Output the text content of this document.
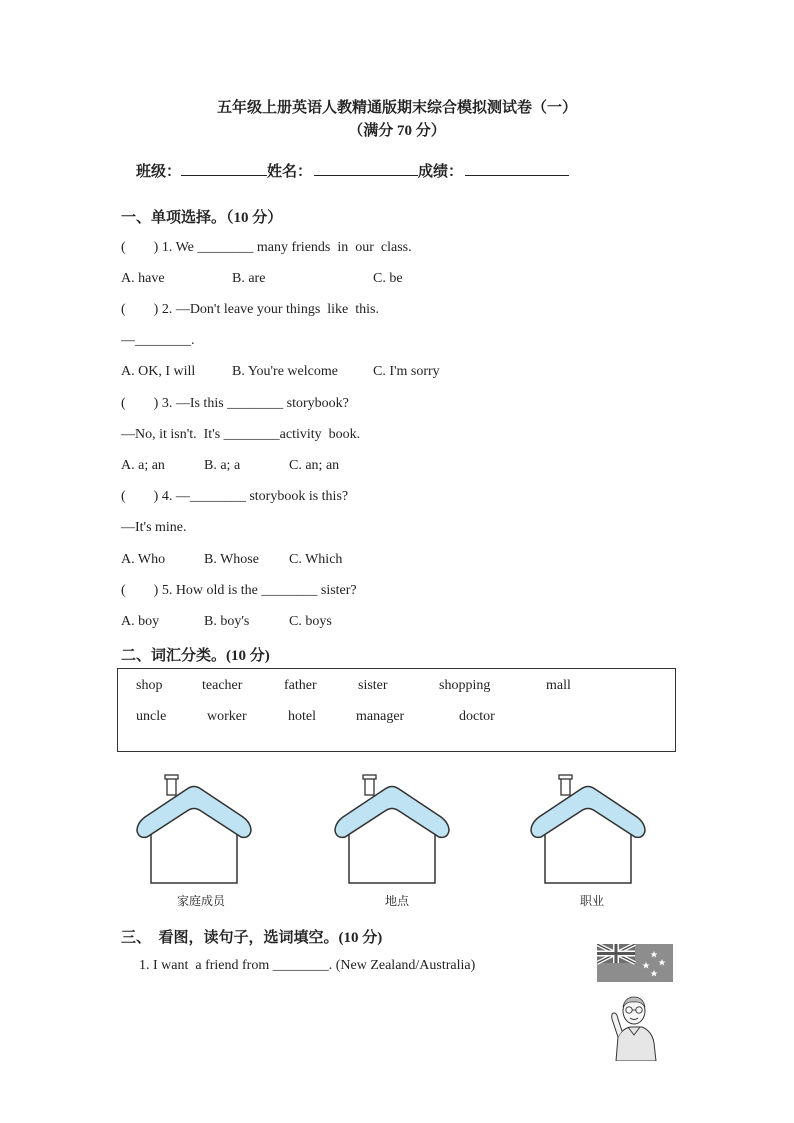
五年级上册英语人教精通版期末综合模拟测试卷（一）
（满分 70 分）
班级：	姓名：	成绩：
一、单项选择。（10 分）
(        ) 1. We ________ many friends  in  our  class.
A. have	B. are	C. be
(        ) 2. —Don't leave your things  like  this.
—________.
A. OK, I will	B. You're welcome	C. I'm sorry
(        ) 3. —Is this ________ storybook?
—No, it isn't.  It's ________activity  book.
A. a; an	B. a; a	C. an; an
(        ) 4. —________ storybook is this?
—It's mine.
A. Who	B. Whose C. Which
(        ) 5. How old is the ________ sister?
A. boy	B. boy's	C. boys
二、词汇分类。(10 分)
shop	teacher	father	sister	shopping	mall
uncle	worker	hotel	manager	doctor
家庭成员	地点	职业
三、  看图，读句子，选词填空。(10 分)
1. I want  a friend from ________. (New Zealand/Australia)
